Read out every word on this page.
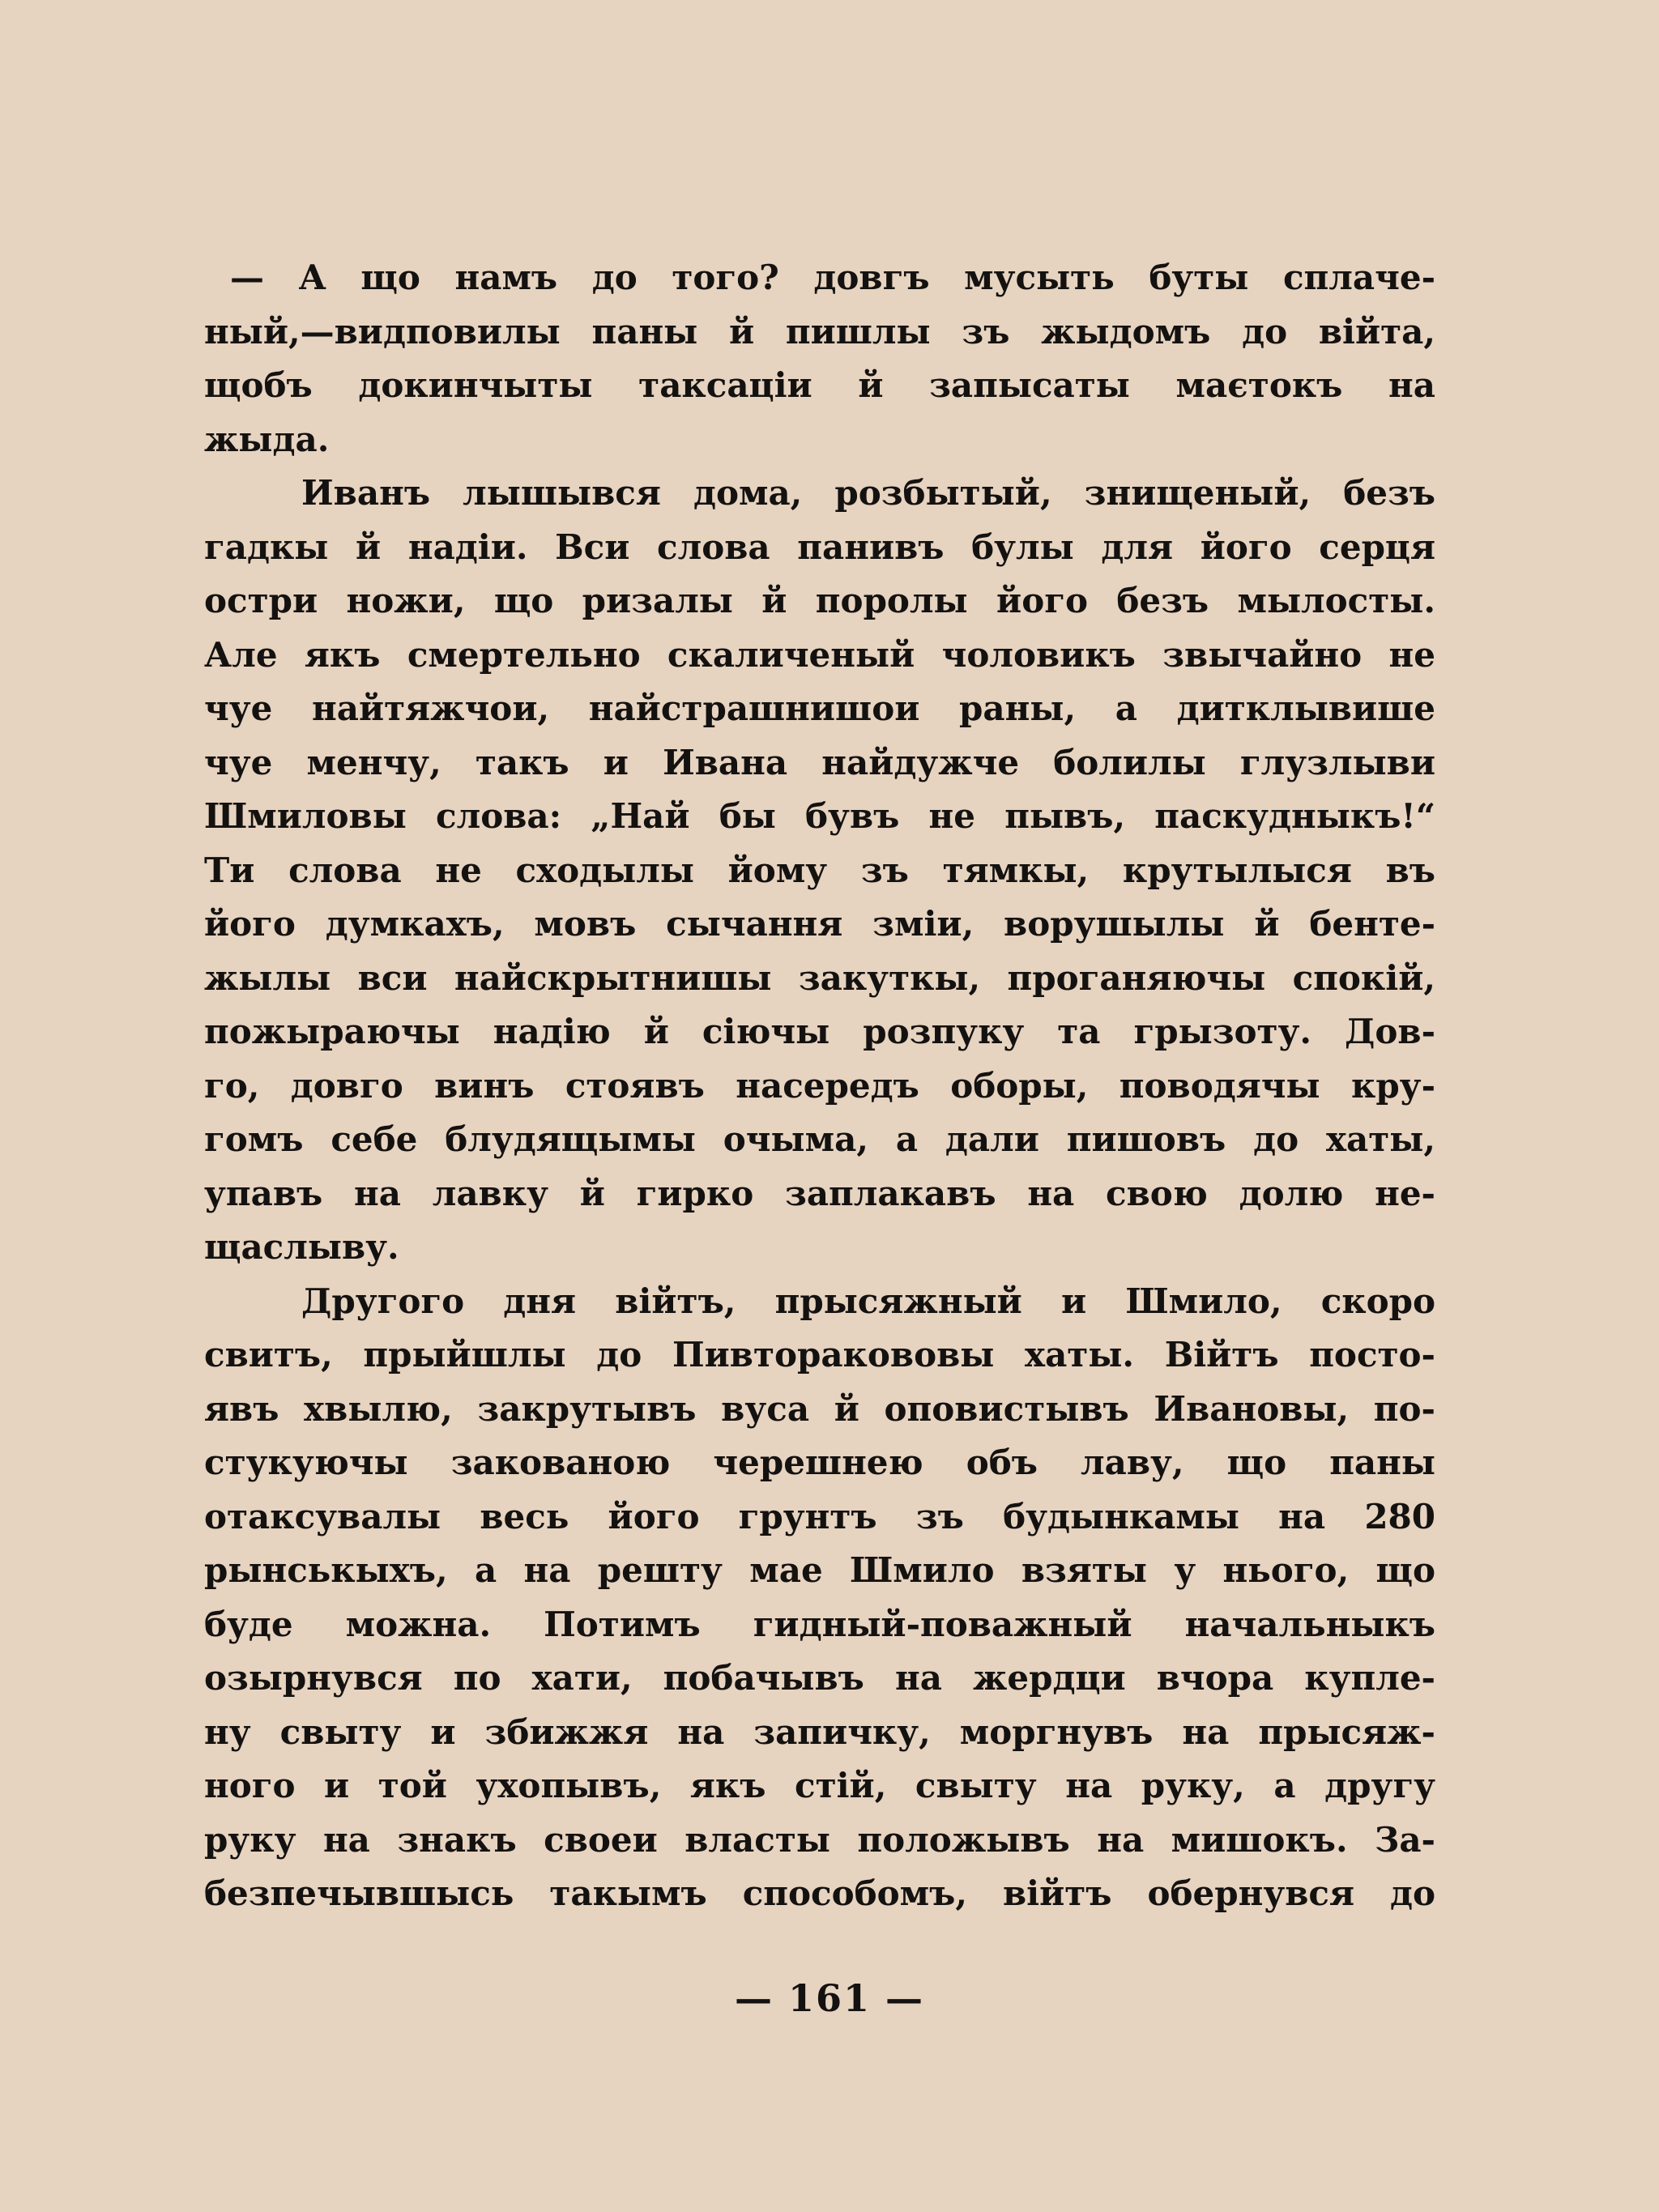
— А що намъ до того? довгъ мусыть буты сплаче-
ный,—видповилы паны й пишлы зъ жыдомъ до війта,
щобъ докинчыты таксаціи й запысаты маєтокъ на
жыда.
Иванъ лышывся дома, розбытый, знищеный, безъ
гадкы й надіи. Вси слова панивъ булы для його серця
остри ножи, що ризалы й поролы його безъ мылосты.
Але якъ смертельно скаличеный чоловикъ звычайно не
чуе найтяжчои, найстрашнишои раны, а дитклывише
чуе менчу, такъ и Ивана найдужче болилы глузлыви
Шмиловы слова: „Най бы бувъ не пывъ, паскудныкъ!“
Ти слова не сходылы йому зъ тямкы, крутылыся въ
його думкахъ, мовъ сычання зміи, ворушылы й бенте-
жылы вси найскрытнишы закуткы, проганяючы спокій,
пожыраючы надію й сіючы розпуку та грызоту. Дов-
го, довго винъ стоявъ насередъ оборы, поводячы кру-
гомъ себе блудящымы очыма, а дали пишовъ до хаты,
упавъ на лавку й гирко заплакавъ на свою долю не-
щаслыву.
Другого дня війтъ, прысяжный и Шмило, скоро
свитъ, прыйшлы до Пивторакововы хаты. Війтъ посто-
явъ хвылю, закрутывъ вуса й оповистывъ Ивановы, по-
стукуючы закованою черешнею объ лаву, що паны
отаксувалы весь його грунтъ зъ будынкамы на 280
рынськыхъ, а на решту мае Шмило взяты у нього, що
буде можна. Потимъ гидный-поважный начальныкъ
озырнувся по хати, побачывъ на жердци вчора купле-
ну свыту и збижжя на запичку, моргнувъ на прысяж-
ного и той ухопывъ, якъ стій, свыту на руку, а другу
руку на знакъ своеи власты положывъ на мишокъ. За-
безпечывшысь такымъ способомъ, війтъ обернувся до
— 161 —
